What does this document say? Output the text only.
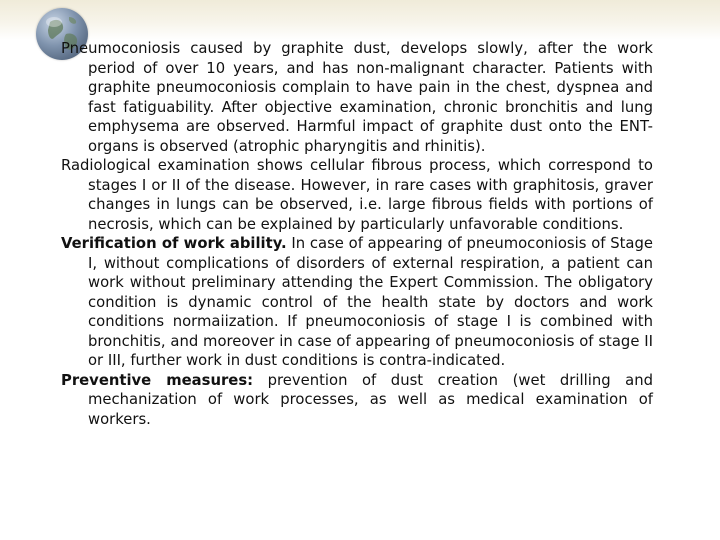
Pneumoconiosis caused by graphite dust, develops slowly, after the work period of over 10 years, and has non-malignant character. Patients with graphite pneumoconiosis complain to have pain in the chest, dyspnea and fast fatiguability. After objective examination, chronic bronchitis and lung emphysema are observed. Harmful impact of graphite dust onto the ENT-organs is observed (atrophic pharyngitis and rhinitis).

Radiological examination shows cellular fibrous process, which correspond to stages I or II of the disease. However, in rare cases with graphitosis, graver changes in lungs can be observed, i.e. large fibrous fields with portions of necrosis, which can be explained by particularly unfavorable conditions.

Verification of work ability. In case of appearing of pneumoconiosis of Stage I, without complications of disorders of external respiration, a patient can work without preliminary attending the Expert Commission. The obligatory condition is dynamic control of the health state by doctors and work conditions normaiization. If pneumoconiosis of stage I is combined with bronchitis, and moreover in case of appearing of pneumoconiosis of stage II or III, further work in dust conditions is contra-indicated.

Preventive measures: prevention of dust creation (wet drilling and mechanization of work processes, as well as medical examination of workers.
